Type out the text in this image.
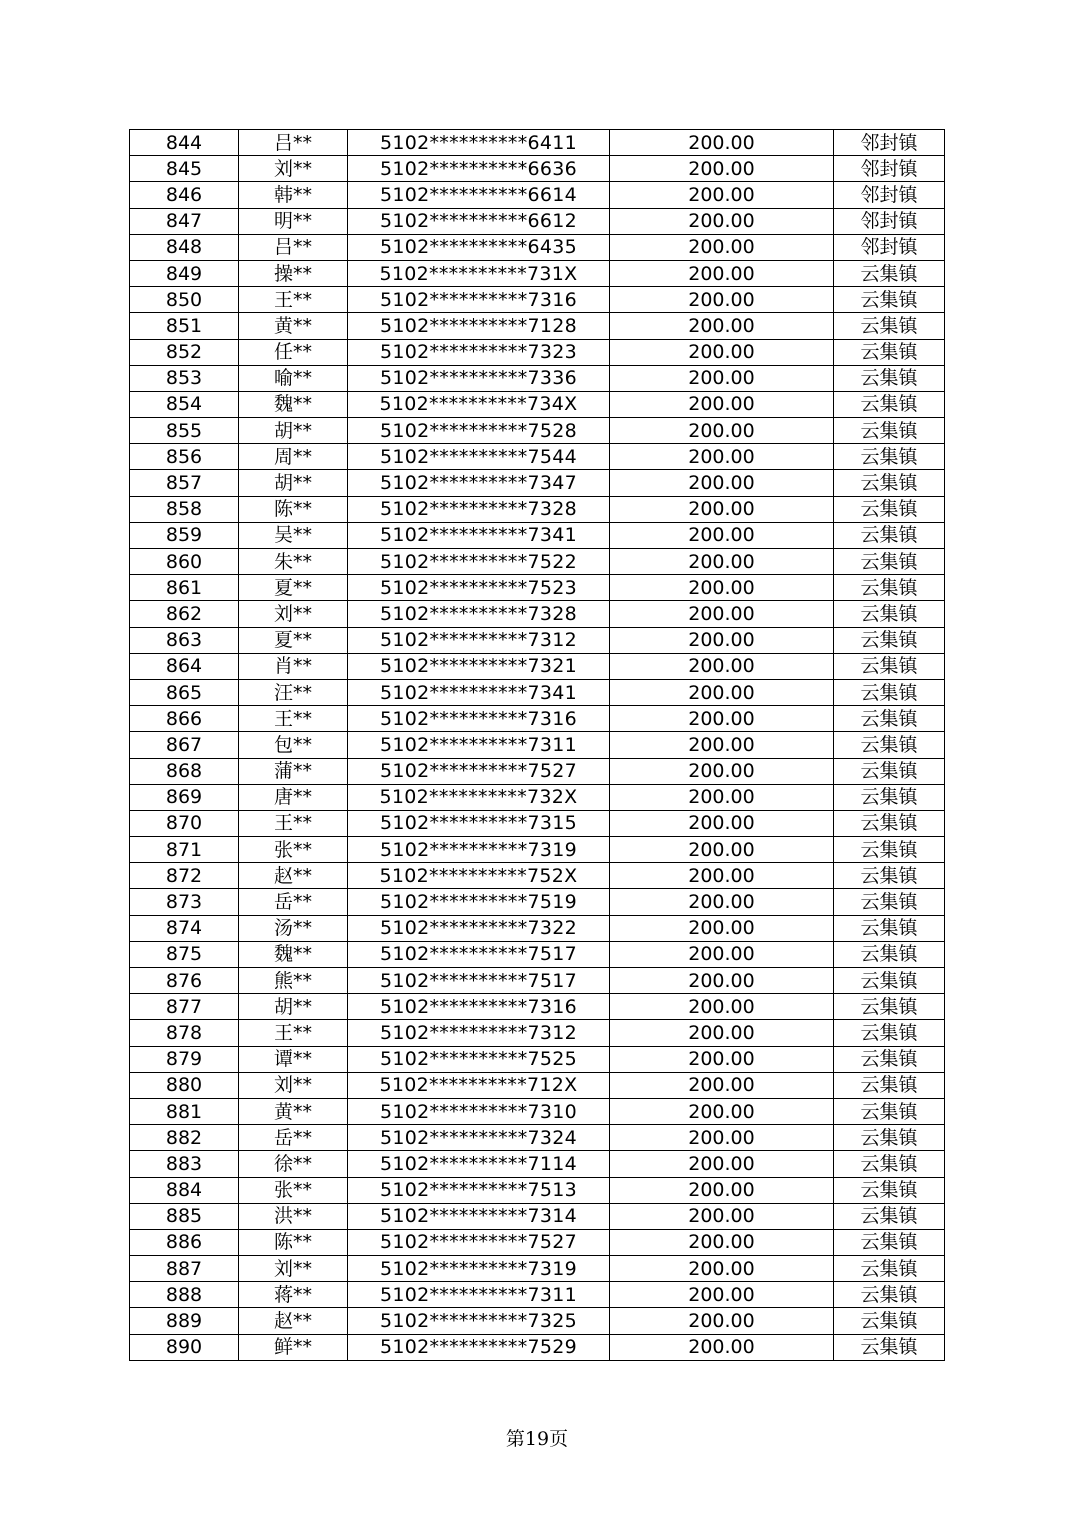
844	吕**	5102**********6411	200.00	邻封镇
845	刘**	5102**********6636	200.00	邻封镇
846	韩**	5102**********6614	200.00	邻封镇
847	明**	5102**********6612	200.00	邻封镇
848	吕**	5102**********6435	200.00	邻封镇
849	操**	5102**********731X	200.00	云集镇
850	王**	5102**********7316	200.00	云集镇
851	黄**	5102**********7128	200.00	云集镇
852	任**	5102**********7323	200.00	云集镇
853	喻**	5102**********7336	200.00	云集镇
854	魏**	5102**********734X	200.00	云集镇
855	胡**	5102**********7528	200.00	云集镇
856	周**	5102**********7544	200.00	云集镇
857	胡**	5102**********7347	200.00	云集镇
858	陈**	5102**********7328	200.00	云集镇
859	吴**	5102**********7341	200.00	云集镇
860	朱**	5102**********7522	200.00	云集镇
861	夏**	5102**********7523	200.00	云集镇
862	刘**	5102**********7328	200.00	云集镇
863	夏**	5102**********7312	200.00	云集镇
864	肖**	5102**********7321	200.00	云集镇
865	汪**	5102**********7341	200.00	云集镇
866	王**	5102**********7316	200.00	云集镇
867	包**	5102**********7311	200.00	云集镇
868	蒲**	5102**********7527	200.00	云集镇
869	唐**	5102**********732X	200.00	云集镇
870	王**	5102**********7315	200.00	云集镇
871	张**	5102**********7319	200.00	云集镇
872	赵**	5102**********752X	200.00	云集镇
873	岳**	5102**********7519	200.00	云集镇
874	汤**	5102**********7322	200.00	云集镇
875	魏**	5102**********7517	200.00	云集镇
876	熊**	5102**********7517	200.00	云集镇
877	胡**	5102**********7316	200.00	云集镇
878	王**	5102**********7312	200.00	云集镇
879	谭**	5102**********7525	200.00	云集镇
880	刘**	5102**********712X	200.00	云集镇
881	黄**	5102**********7310	200.00	云集镇
882	岳**	5102**********7324	200.00	云集镇
883	徐**	5102**********7114	200.00	云集镇
884	张**	5102**********7513	200.00	云集镇
885	洪**	5102**********7314	200.00	云集镇
886	陈**	5102**********7527	200.00	云集镇
887	刘**	5102**********7319	200.00	云集镇
888	蒋**	5102**********7311	200.00	云集镇
889	赵**	5102**********7325	200.00	云集镇
890	鲜**	5102**********7529	200.00	云集镇
第19页
